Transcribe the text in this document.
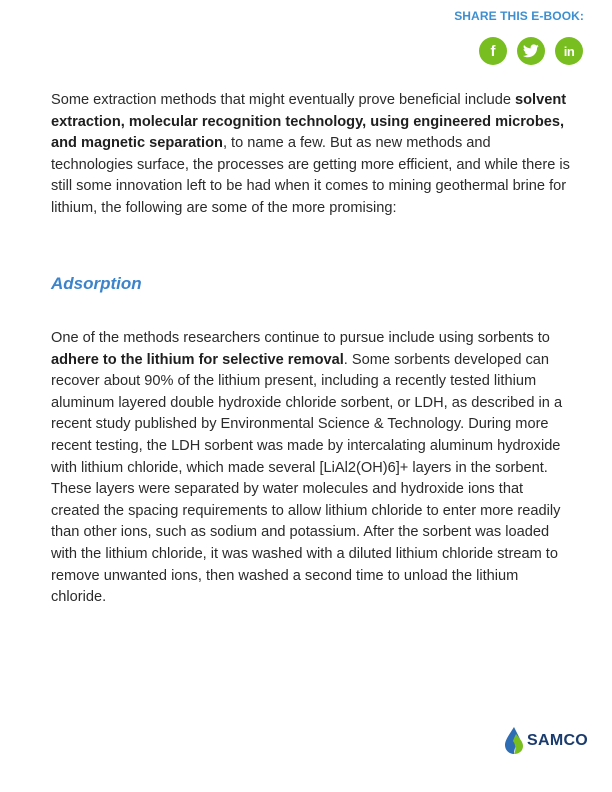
SHARE THIS E-BOOK:
f	in

Some extraction methods that might eventually prove beneficial include solvent extraction, molecular recognition technology, using engineered microbes, and magnetic separation, to name a few. But as new methods and technologies surface, the processes are getting more efficient, and while there is still some innovation left to be had when it comes to mining geothermal brine for lithium, the following are some of the more promising:

Adsorption

One of the methods researchers continue to pursue include using sorbents to adhere to the lithium for selective removal. Some sorbents developed can recover about 90% of the lithium present, including a recently tested lithium aluminum layered double hydroxide chloride sorbent, or LDH, as described in a recent study published by Environmental Science & Technology. During more recent testing, the LDH sorbent was made by intercalating aluminum hydroxide with lithium chloride, which made several [LiAl2(OH)6]+ layers in the sorbent. These layers were separated by water molecules and hydroxide ions that created the spacing requirements to allow lithium chloride to enter more readily than other ions, such as sodium and potassium. After the sorbent was loaded with the lithium chloride, it was washed with a diluted lithium chloride stream to remove unwanted ions, then washed a second time to unload the lithium chloride.

SAMCO
